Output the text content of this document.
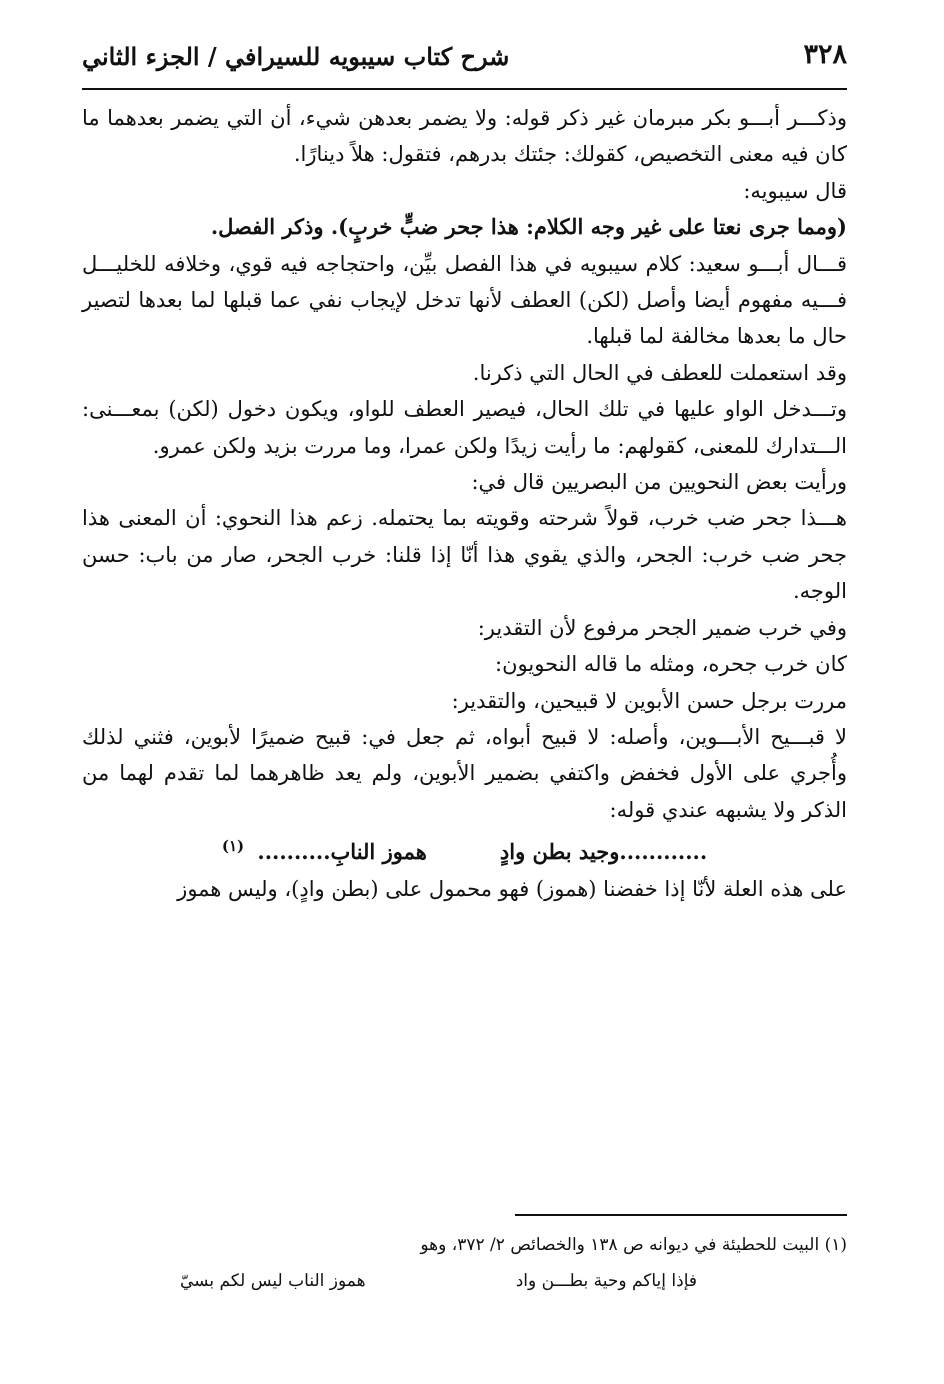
٣٢٨
شرح كتاب سيبويه للسيرافي / الجزء الثاني

وذكـــر أبـــو بكر مبرمان غير ذكر قوله: ولا يضمر بعدهن شيء، أن التي يضمر بعدهما ما كان فيه معنى التخصيص، كقولك: جئتك بدرهم، فتقول: هلاً دينارًا.

قال سيبويه:

(ومما جرى نعتا على غير وجه الكلام: هذا جحر ضبٍّ خربٍ). وذكر الفصل.

قـــال أبـــو سعيد: كلام سيبويه في هذا الفصل بيِّن، واحتجاجه فيه قوي، وخلافه للخليـــل فـــيه مفهوم أيضا وأصل (لكن) العطف لأنها تدخل لإيجاب نفي عما قبلها لما بعدها لتصير حال ما بعدها مخالفة لما قبلها.

وقد استعملت للعطف في الحال التي ذكرنا.

وتـــدخل الواو عليها في تلك الحال، فيصير العطف للواو، ويكون دخول (لكن) بمعـــنى: الـــتدارك للمعنى، كقولهم: ما رأيت زيدًا ولكن عمرا، وما مررت بزيد ولكن عمرو.

ورأيت بعض النحويين من البصريين قال في:

هـــذا جحر ضب خرب، قولاً شرحته وقويته بما يحتمله. زعم هذا النحوي: أن المعنى هذا جحر ضب خرب: الجحر، والذي يقوي هذا أنّا إذا قلنا: خرب الجحر، صار من باب: حسن الوجه.

وفي خرب ضمير الجحر مرفوع لأن التقدير:

كان خرب جحره، ومثله ما قاله النحويون:

مررت برجل حسن الأبوين لا قبيحين، والتقدير:

لا قبـــيح الأبـــوين، وأصله: لا قبيح أبواه، ثم جعل في: قبيح ضميرًا لأبوين، فثني لذلك وأُجري على الأول فخفض واكتفي بضمير الأبوين، ولم يعد ظاهرهما لما تقدم لهما من الذكر ولا يشبهه عندي قوله:

............وجيد بطن وادٍ          هموز النابِ.......... $^{(١)}$

على هذه العلة لأنّا إذا خفضنا (هموز) فهو محمول على (بطن وادٍ)، وليس هموز

(١) البيت للحطيئة في ديوانه ص ١٣٨ والخصائص ٢/ ٣٧٢، وهو

فإذا إياكم وحية بطـــن واد
هموز الناب ليس لكم بسيّ
